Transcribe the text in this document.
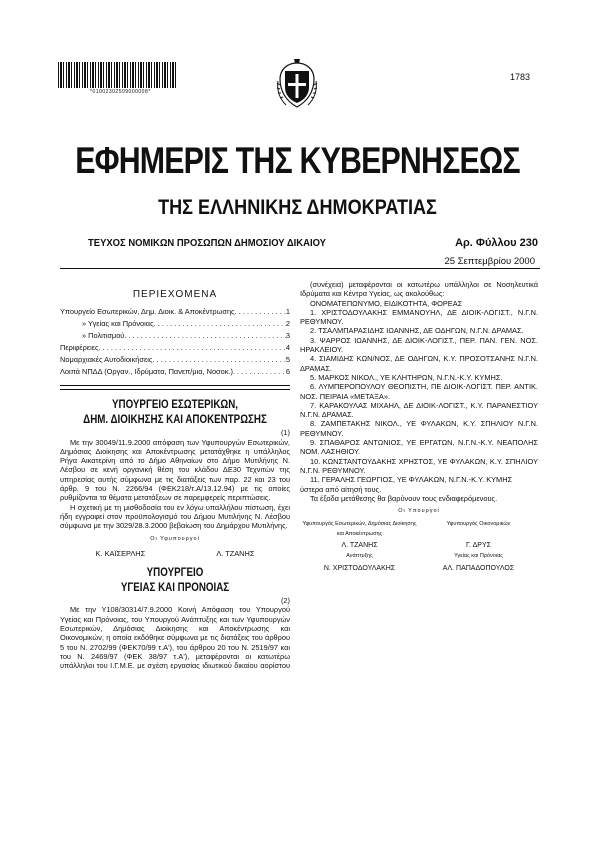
*01002302509000008*
1783
ΕΦΗΜΕΡΙΣ ΤΗΣ ΚΥΒΕΡΝΗΣΕΩΣ
ΤΗΣ ΕΛΛΗΝΙΚΗΣ ΔΗΜΟΚΡΑΤΙΑΣ
ΤΕΥΧΟΣ ΝΟΜΙΚΩΝ ΠΡΟΣΩΠΩΝ ΔΗΜΟΣΙΟΥ ΔΙΚΑΙΟΥ	Αρ. Φύλλου 230
25 Σεπτεμβρίου 2000
ΠΕΡΙΕΧΟΜΕΝΑ
Υπουργείο Εσωτερικών, Δημ. Διοικ. & Αποκέντρωσης . . .	1
» Υγείας και Πρόνοιας . . .	2
» Πολιτισμού . . .	3
Περιφέρειες . . .	4
Νομαρχιακές Αυτοδιοικήσεις . . .	5
Λοιπά ΝΠΔΔ (Οργαν., Ιδρύματα, Πανεπ/μια, Νοσοκ.) . . .	6
ΥΠΟΥΡΓΕΙΟ ΕΣΩΤΕΡΙΚΩΝ,
ΔΗΜ. ΔΙΟΙΚΗΣΗΣ ΚΑΙ ΑΠΟΚΕΝΤΡΩΣΗΣ
(1)

Με την 30049/11.9.2000 απόφαση των Υφυπουργών Εσωτερικών, Δημόσιας Διοίκησης και Αποκέντρωσης μετατάχθηκε η υπάλληλος Ρήγα Αικατερίνη από το Δήμο Αθηναίων στο Δήμο Μυτιλήνης Ν. Λέσβου σε κενή οργανική θέση του κλάδου ΔΕ30 Τεχνιτών της υπηρεσίας αυτής σύμφωνα με τις διατάξεις των παρ. 22 και 23 του άρθρ. 9 του Ν. 2266/94 (ΦΕΚ218/τ.Α/13.12.94) με τις οποίες ρυθμίζονται τα θέματα μετατάξεων σε παρεμφερείς περιπτώσεις.

Η σχετική με τη μισθοδοσία του εν λόγω υπαλλήλου πίστωση, έχει ήδη εγγραφεί στον προϋπολογισμό του Δήμου Μυτιλήνης Ν. Λέσβου σύμφωνα με την 3029/28.3.2000 βεβαίωση του Δημάρχου Μυτιλήνης.

Οι Υφυπουργοί
Κ. ΚΑΪΣΕΡΛΗΣ	Λ. ΤΖΑΝΗΣ
ΥΠΟΥΡΓΕΙΟ
ΥΓΕΙΑΣ ΚΑΙ ΠΡΟΝΟΙΑΣ
(2)

Με την Υ108/30314/7.9.2000 Κοινή Απόφαση του Υπουργού Υγείας και Πρόνοιας, του Υπουργού Ανάπτυξης και των Υφυπουργών Εσωτερικών, Δημόσιας Διοίκησης και Αποκέντρωσης και Οικονομικών, η οποία εκδόθηκε σύμφωνα με τις διατάξεις του άρθρου 5 του Ν. 2702/99 (ΦΕΚ70/99 τ.Α'), του άρθρου 20 του Ν. 2519/97 και του Ν. 2469/97 (ΦΕΚ 38/97 τ.Α'), μεταφέρονται οι κατωτέρω υπάλληλοι του Ι.Γ.Μ.Ε. με σχέση εργασίας ιδιωτικού δικαίου αορίστου

(συνέχεια) μεταφέρονται οι κατωτέρω υπάλληλοι σε Νοσηλευτικά Ιδρύματα και Κέντρα Υγείας, ως ακολούθως:

ΟΝΟΜΑΤΕΠΩΝΥΜΟ, ΕΙΔΙΚΟΤΗΤΑ, ΦΟΡΕΑΣ

1. ΧΡΙΣΤΟΔΟΥΛΑΚΗΣ ΕΜΜΑΝΟΥΗΛ, ΔΕ ΔΙΟΙΚ-ΛΟΓΙΣΤ., Ν.Γ.Ν. ΡΕΘΥΜΝΟΥ.

2. ΤΣΑΛΜΠΑΡΑΣΙΔΗΣ ΙΩΑΝΝΗΣ, ΔΕ ΟΔΗΓΩΝ, Ν.Γ.Ν. ΔΡΑΜΑΣ.

3. ΨΑΡΡΟΣ ΙΩΑΝΝΗΣ, ΔΕ ΔΙΟΙΚ-ΛΟΓΙΣΤ., ΠΕΡ. ΠΑΝ. ΓΕΝ. ΝΟΣ. ΗΡΑΚΛΕΙΟΥ.

4. ΣΙΑΜΙΔΗΣ ΚΩΝ/ΝΟΣ, ΔΕ ΟΔΗΓΩΝ, Κ.Υ. ΠΡΟΣΟΤΣΑΝΗΣ Ν.Γ.Ν. ΔΡΑΜΑΣ.

5. ΜΑΡΚΟΣ ΝΙΚΟΛ., ΥΕ ΚΛΗΤΗΡΩΝ, Ν.Γ.Ν.-Κ.Υ. ΚΥΜΗΣ.

6. ΛΥΜΠΕΡΟΠΟΥΛΟΥ ΘΕΟΠΙΣΤΗ, ΠΕ ΔΙΟΙΚ-ΛΟΓΙΣΤ. ΠΕΡ. ΑΝΤΙΚ. ΝΟΣ. ΠΕΙΡΑΙΑ «ΜΕΤΑΞΑ».

7. ΚΑΡΑΚΟΥΛΑΣ ΜΙΧΑΗΛ, ΔΕ ΔΙΟΙΚ-ΛΟΓΙΣΤ., Κ.Υ. ΠΑΡΑΝΕΣΤΙΟΥ Ν.Γ.Ν. ΔΡΑΜΑΣ.

8. ΖΑΜΠΕΤΑΚΗΣ ΝΙΚΟΛ., ΥΕ ΦΥΛΑΚΩΝ, Κ.Υ. ΣΠΗΛΙΟΥ Ν.Γ.Ν. ΡΕΘΥΜΝΟΥ.

9. ΣΠΑΘΑΡΟΣ ΑΝΤΩΝΙΟΣ, ΥΕ ΕΡΓΑΤΩΝ, Ν.Γ.Ν.-Κ.Υ. ΝΕΑΠΟΛΗΣ ΝΟΜ. ΛΑΣΗΘΙΟΥ.

10. ΚΩΝΣΤΑΝΤΟΥΔΑΚΗΣ ΧΡΗΣΤΟΣ, ΥΕ ΦΥΛΑΚΩΝ, Κ.Υ. ΣΠΗΛΙΟΥ Ν.Γ.Ν. ΡΕΘΥΜΝΟΥ.

11. ΓΕΡΑΛΗΣ ΓΕΩΡΓΙΟΣ, ΥΕ ΦΥΛΑΚΩΝ, Ν.Γ.Ν.-Κ.Υ. ΚΥΜΗΣ

ύστερα από αίτησή τους.

Τα έξοδα μετάθεσης θα βαρύνουν τους ενδιαφερόμενους.

Οι Υπουργοί
Υφυπουργός Εσωτερικών, Δημόσιας Διοίκησης και Αποκέντρωσης
Υφυπουργός Οικονομικών
Λ. ΤΖΑΝΗΣ	Γ. ΔΡΥΣ
Ανάπτυξης	Υγείας και Πρόνοιας
Ν. ΧΡΙΣΤΟΔΟΥΛΑΚΗΣ	ΑΛ. ΠΑΠΑΔΟΠΟΥΛΟΣ
